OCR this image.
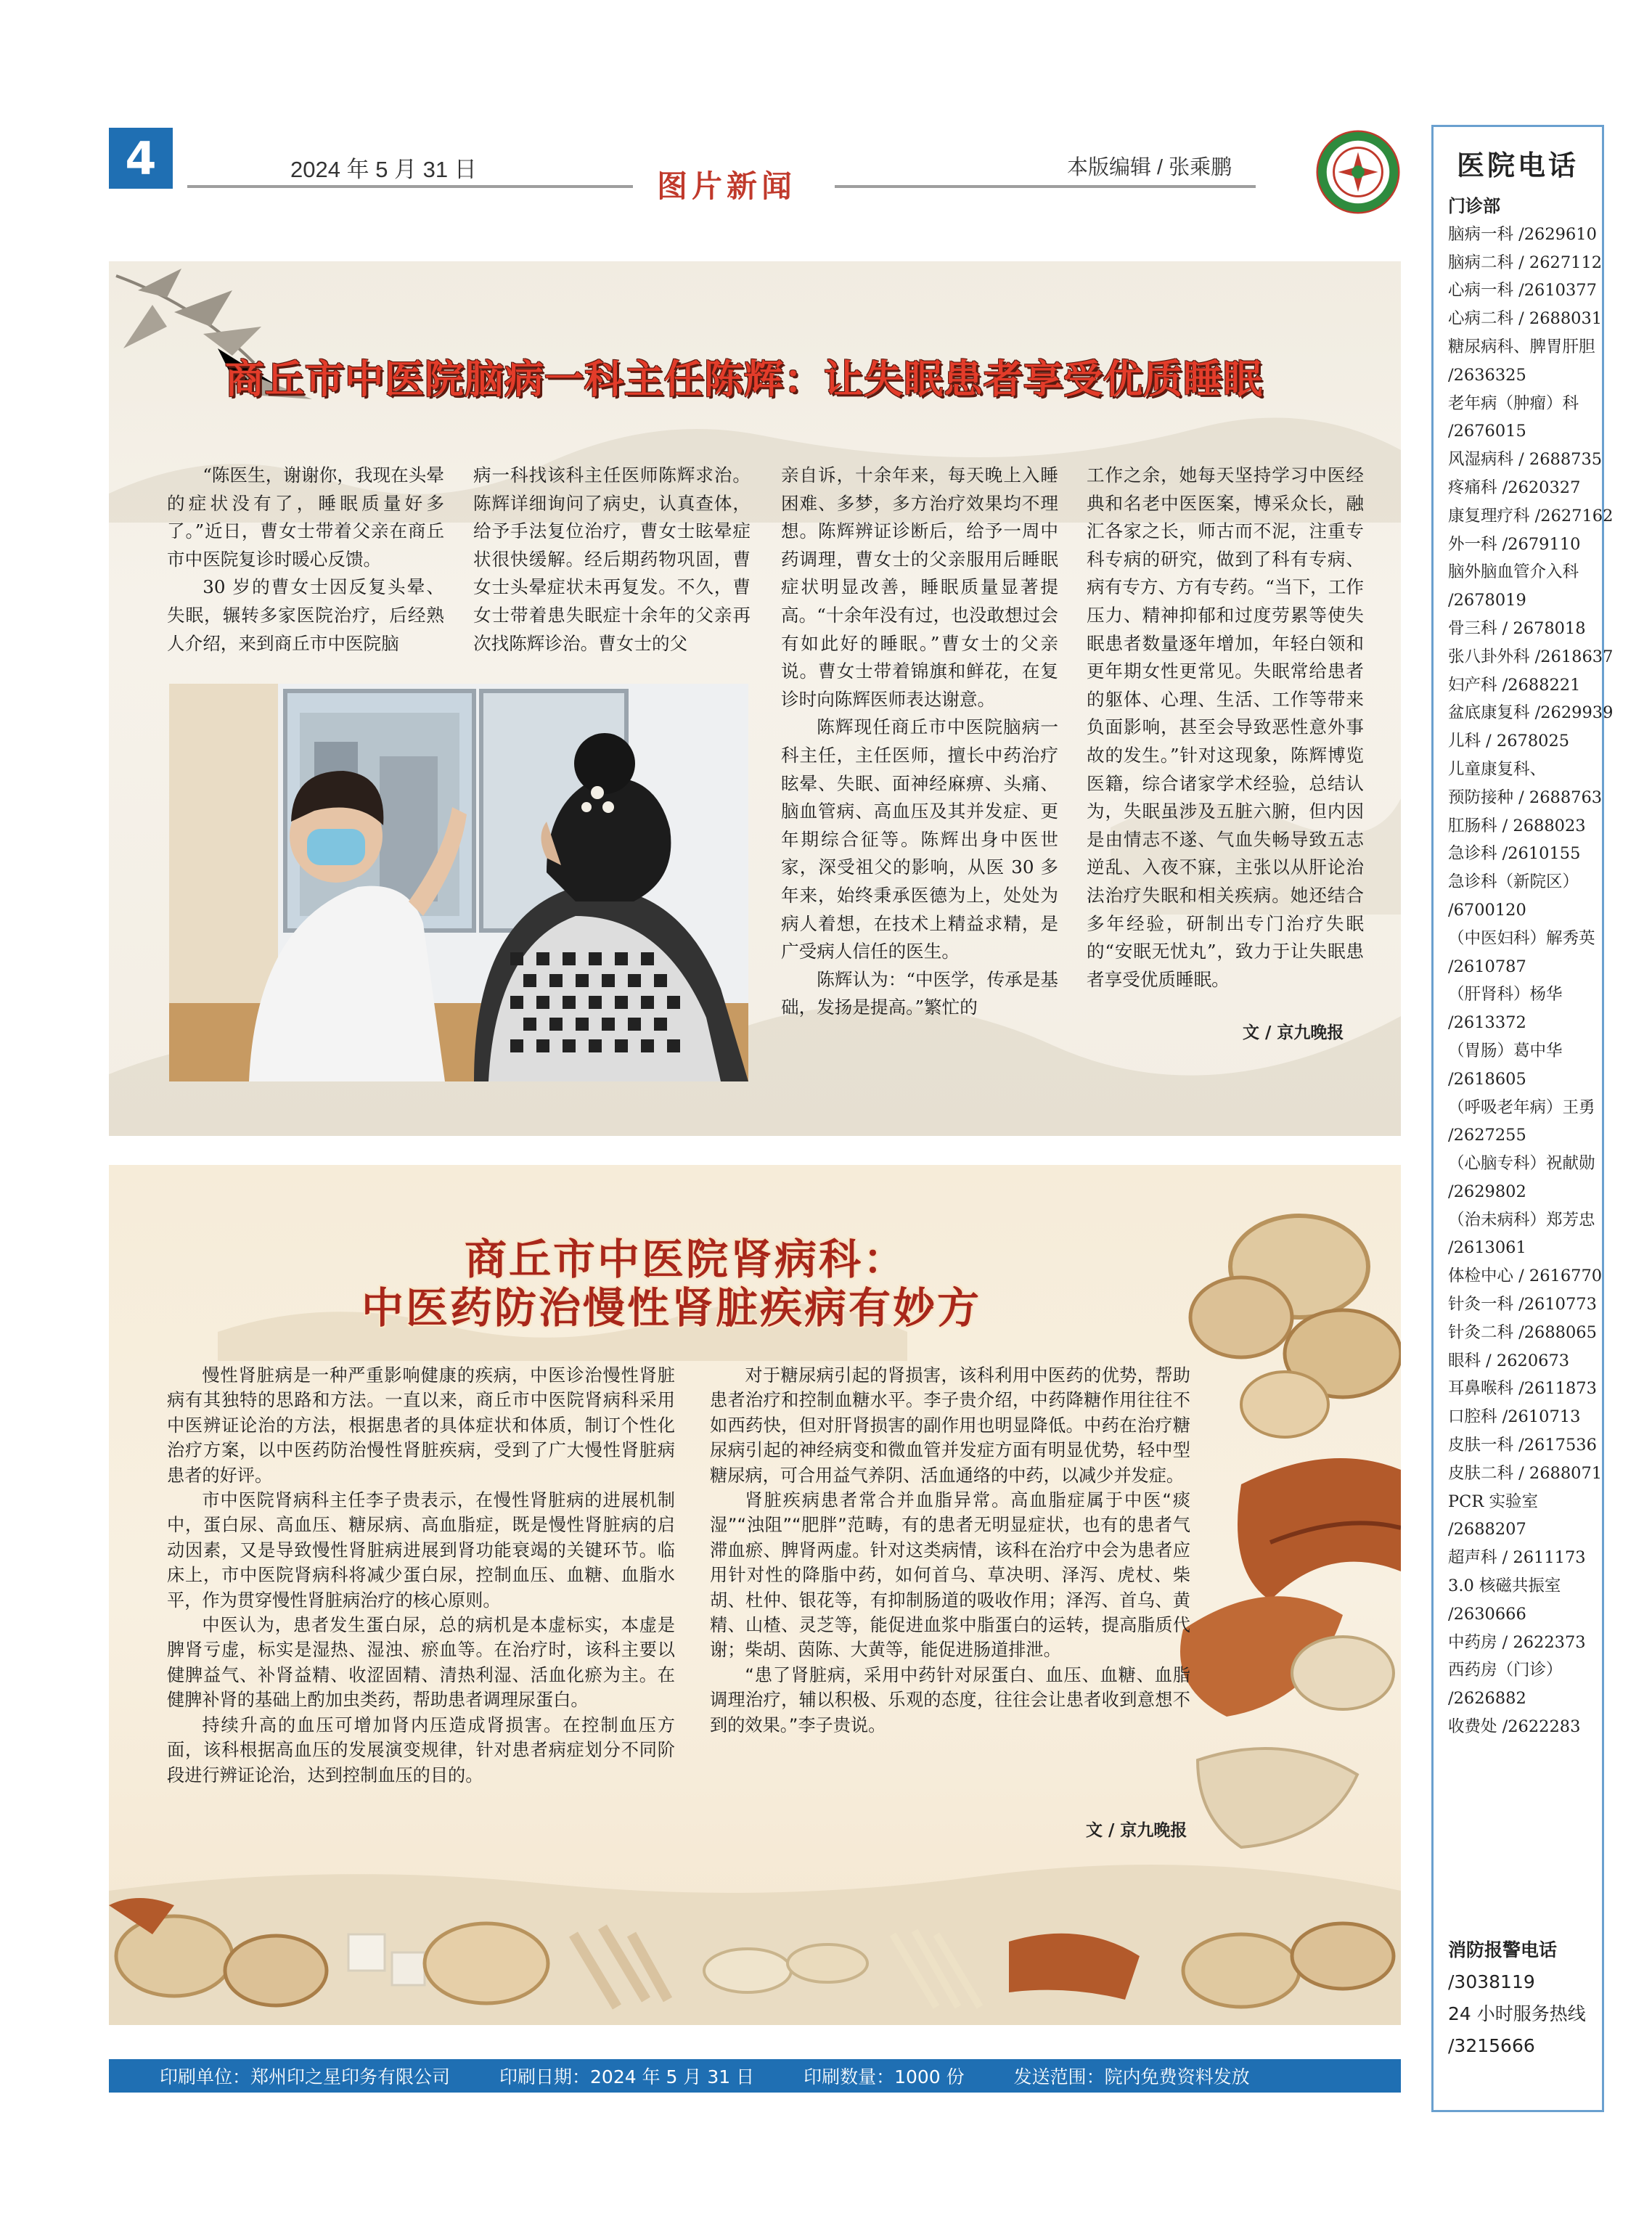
4	2024 年 5 月 31 日	图片新闻
本版编辑 / 张乘鹏	医院电话
门诊部
脑病一科 /2629610
脑病二科 / 2627112
心病一科 /2610377
心病二科 / 2688031
糖尿病科、脾胃肝胆
/2636325
老年病（肿瘤）科
/2676015
风湿病科 / 2688735
疼痛科 /2620327
康复理疗科 /2627162
外一科 /2679110
脑外脑血管介入科
/2678019
骨三科 / 2678018
张八卦外科 /2618637
妇产科 /2688221
盆底康复科 /2629939
儿科 / 2678025
儿童康复科、
预防接种 / 2688763
肛肠科 / 2688023
急诊科 /2610155
急诊科（新院区）
/6700120
（中医妇科）解秀英
/2610787
（肝肾科）杨华
/2613372
（胃肠）葛中华
/2618605
（呼吸老年病）王勇
/2627255
（心脑专科）祝献勋
/2629802
（治未病科）郑芳忠
/2613061
体检中心 / 2616770
针灸一科 /2610773
针灸二科 /2688065
眼科 / 2620673
耳鼻喉科 /2611873
口腔科 /2610713
皮肤一科 /2617536
皮肤二科 / 2688071
PCR 实验室
/2688207
超声科 / 2611173
3.0 核磁共振室
/2630666
中药房 / 2622373
西药房（门诊）
/2626882
收费处 /2622283
消防报警电话
/3038119
24 小时服务热线
/3215666
商丘市中医院脑病一科主任陈辉：让失眠患者享受优质睡眠

“陈医生，谢谢你，我现在头晕的症状没有了，睡眠质量好多了。”近日，曹女士带着父亲在商丘市中医院复诊时暖心反馈。

30 岁的曹女士因反复头晕、失眠，辗转多家医院治疗，后经熟人介绍，来到商丘市中医院脑

病一科找该科主任医师陈辉求治。陈辉详细询问了病史，认真查体，给予手法复位治疗，曹女士眩晕症状很快缓解。经后期药物巩固，曹女士头晕症状未再复发。不久，曹女士带着患失眠症十余年的父亲再次找陈辉诊治。曹女士的父

亲自诉，十余年来，每天晚上入睡困难、多梦，多方治疗效果均不理想。陈辉辨证诊断后，给予一周中药调理，曹女士的父亲服用后睡眠症状明显改善，睡眠质量显著提高。“十余年没有过，也没敢想过会有如此好的睡眠。”曹女士的父亲说。曹女士带着锦旗和鲜花，在复诊时向陈辉医师表达谢意。

陈辉现任商丘市中医院脑病一科主任，主任医师，擅长中药治疗眩晕、失眠、面神经麻痹、头痛、脑血管病、高血压及其并发症、更年期综合征等。陈辉出身中医世家，深受祖父的影响，从医 30 多年来，始终秉承医德为上，处处为病人着想，在技术上精益求精，是广受病人信任的医生。

陈辉认为：“中医学，传承是基础，发扬是提高。”繁忙的

工作之余，她每天坚持学习中医经典和名老中医医案，博采众长，融汇各家之长，师古而不泥，注重专科专病的研究，做到了科有专病、病有专方、方有专药。“当下，工作压力、精神抑郁和过度劳累等使失眠患者数量逐年增加，年轻白领和更年期女性更常见。失眠常给患者的躯体、心理、生活、工作等带来负面影响，甚至会导致恶性意外事故的发生。”针对这现象，陈辉博览医籍，综合诸家学术经验，总结认为，失眠虽涉及五脏六腑，但内因是由情志不遂、气血失畅导致五志逆乱、入夜不寐，主张以从肝论治法治疗失眠和相关疾病。她还结合多年经验，研制出专门治疗失眠的“安眠无忧丸”，致力于让失眠患者享受优质睡眠。

文 / 京九晚报
商丘市中医院肾病科：
中医药防治慢性肾脏疾病有妙方

慢性肾脏病是一种严重影响健康的疾病，中医诊治慢性肾脏病有其独特的思路和方法。一直以来，商丘市中医院肾病科采用中医辨证论治的方法，根据患者的具体症状和体质，制订个性化治疗方案，以中医药防治慢性肾脏疾病，受到了广大慢性肾脏病患者的好评。

市中医院肾病科主任李子贵表示，在慢性肾脏病的进展机制中，蛋白尿、高血压、糖尿病、高血脂症，既是慢性肾脏病的启动因素，又是导致慢性肾脏病进展到肾功能衰竭的关键环节。临床上，市中医院肾病科将减少蛋白尿，控制血压、血糖、血脂水平，作为贯穿慢性肾脏病治疗的核心原则。

中医认为，患者发生蛋白尿，总的病机是本虚标实，本虚是脾肾亏虚，标实是湿热、湿浊、瘀血等。在治疗时，该科主要以健脾益气、补肾益精、收涩固精、清热利湿、活血化瘀为主。在健脾补肾的基础上酌加虫类药，帮助患者调理尿蛋白。

持续升高的血压可增加肾内压造成肾损害。在控制血压方面，该科根据高血压的发展演变规律，针对患者病症划分不同阶段进行辨证论治，达到控制血压的目的。

对于糖尿病引起的肾损害，该科利用中医药的优势，帮助患者治疗和控制血糖水平。李子贵介绍，中药降糖作用往往不如西药快，但对肝肾损害的副作用也明显降低。中药在治疗糖尿病引起的神经病变和微血管并发症方面有明显优势，轻中型糖尿病，可合用益气养阴、活血通络的中药，以减少并发症。

肾脏疾病患者常合并血脂异常。高血脂症属于中医“痰湿”“浊阻”“肥胖”范畴，有的患者无明显症状，也有的患者气滞血瘀、脾肾两虚。针对这类病情，该科在治疗中会为患者应用针对性的降脂中药，如何首乌、草决明、泽泻、虎杖、柴胡、杜仲、银花等，有抑制肠道的吸收作用；泽泻、首乌、黄精、山楂、灵芝等，能促进血浆中脂蛋白的运转，提高脂质代谢；柴胡、茵陈、大黄等，能促进肠道排泄。

“患了肾脏病，采用中药针对尿蛋白、血压、血糖、血脂调理治疗，辅以积极、乐观的态度，往往会让患者收到意想不到的效果。”李子贵说。

文 / 京九晚报
印刷单位：郑州印之星印务有限公司	印刷日期：2024 年 5 月 31 日	印刷数量：1000 份	发送范围：院内免费资料发放
